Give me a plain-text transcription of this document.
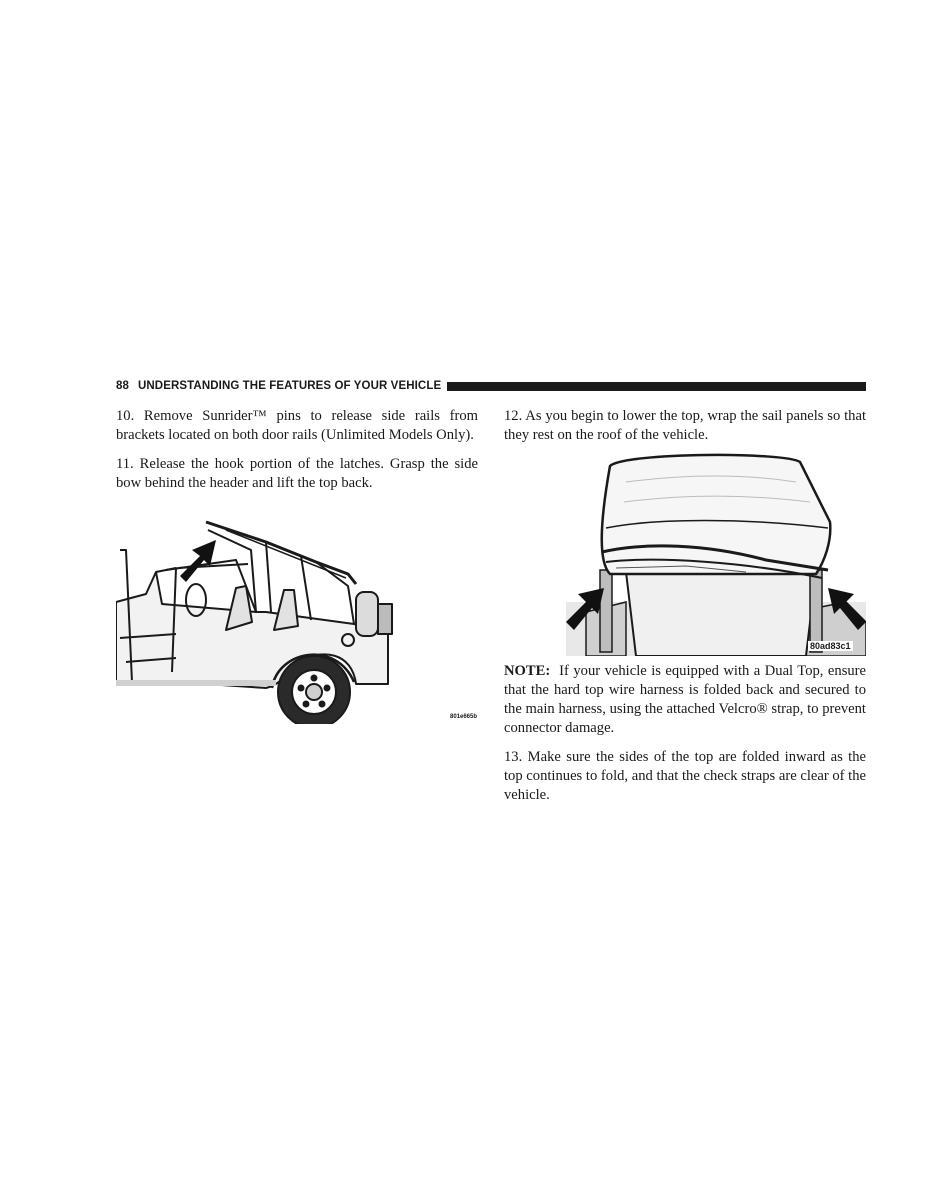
88 UNDERSTANDING THE FEATURES OF YOUR VEHICLE

10. Remove Sunrider™ pins to release side rails from brackets located on both door rails (Unlimited Models Only).

11. Release the hook portion of the latches. Grasp the side bow behind the header and lift the top back.

801e665b

12. As you begin to lower the top, wrap the sail panels so that they rest on the roof of the vehicle.

80ad83c1

NOTE: If your vehicle is equipped with a Dual Top, ensure that the hard top wire harness is folded back and secured to the main harness, using the attached Velcro® strap, to prevent connector damage.

13. Make sure the sides of the top are folded inward as the top continues to fold, and that the check straps are clear of the vehicle.
